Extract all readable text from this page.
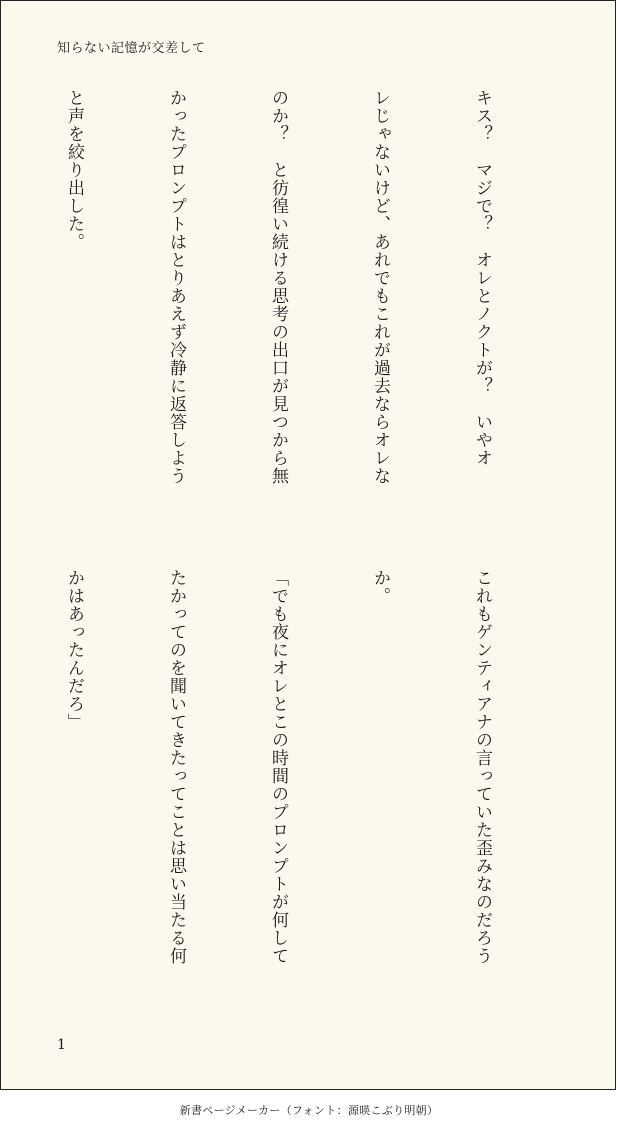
知らない記憶が交差して

キス？　マジで？　オレとノクトが？　いやオ

レじゃないけど、あれでもこれが過去ならオレな

のか？　と彷徨い続ける思考の出口が見つから無

かったプロンプトはとりあえず冷静に返答しよう

と声を絞り出した。

これもゲンティアナの言っていた歪みなのだろう

か。

「でも夜にオレとこの時間のプロンプトが何して

たかってのを聞いてきたってことは思い当たる何

かはあったんだろ」

1
新書ページメーカー（フォント：源暎こぶり明朝）
